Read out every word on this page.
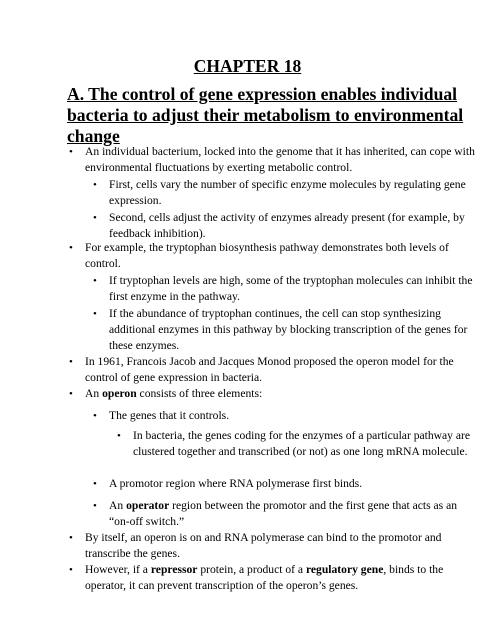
CHAPTER 18
A. The control of gene expression enables individual bacteria to adjust their metabolism to environmental change
• An individual bacterium, locked into the genome that it has inherited, can cope with environmental fluctuations by exerting metabolic control.
• First, cells vary the number of specific enzyme molecules by regulating gene expression.
• Second, cells adjust the activity of enzymes already present (for example, by feedback inhibition).
• For example, the tryptophan biosynthesis pathway demonstrates both levels of control.
• If tryptophan levels are high, some of the tryptophan molecules can inhibit the first enzyme in the pathway.
• If the abundance of tryptophan continues, the cell can stop synthesizing additional enzymes in this pathway by blocking transcription of the genes for these enzymes.
• In 1961, Francois Jacob and Jacques Monod proposed the operon model for the control of gene expression in bacteria.
• An operon consists of three elements:
• The genes that it controls.
• In bacteria, the genes coding for the enzymes of a particular pathway are clustered together and transcribed (or not) as one long mRNA molecule.
• A promotor region where RNA polymerase first binds.
• An operator region between the promotor and the first gene that acts as an “on-off switch.”
• By itself, an operon is on and RNA polymerase can bind to the promotor and transcribe the genes.
• However, if a repressor protein, a product of a regulatory gene, binds to the operator, it can prevent transcription of the operon’s genes.
